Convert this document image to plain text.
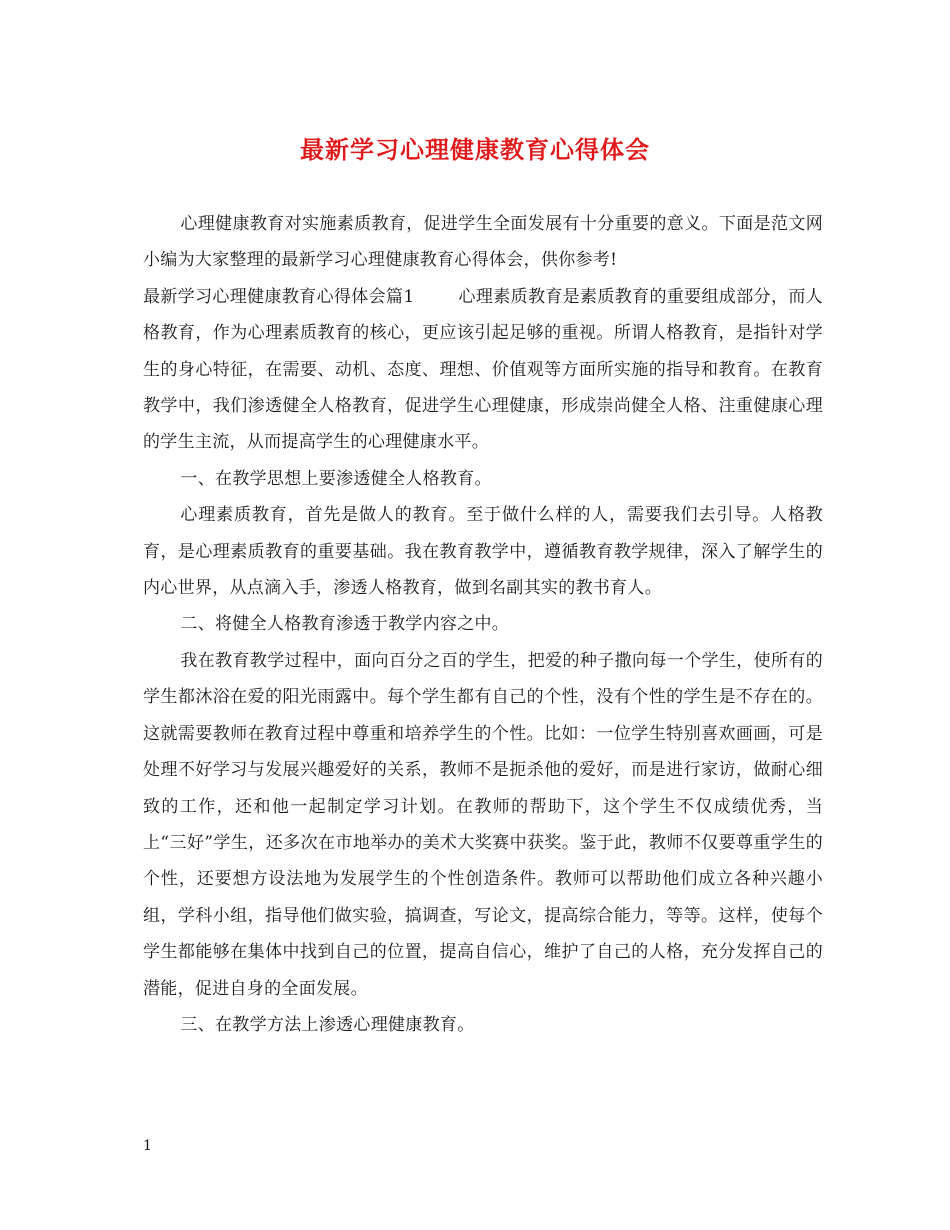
最新学习心理健康教育心得体会

心理健康教育对实施素质教育，促进学生全面发展有十分重要的意义。下面是范文网小编为大家整理的最新学习心理健康教育心得体会，供你参考!

最新学习心理健康教育心得体会篇1	心理素质教育是素质教育的重要组成部分，而人格教育，作为心理素质教育的核心，更应该引起足够的重视。所谓人格教育，是指针对学生的身心特征，在需要、动机、态度、理想、价值观等方面所实施的指导和教育。在教育教学中，我们渗透健全人格教育，促进学生心理健康，形成崇尚健全人格、注重健康心理的学生主流，从而提高学生的心理健康水平。

一、在教学思想上要渗透健全人格教育。

心理素质教育，首先是做人的教育。至于做什么样的人，需要我们去引导。人格教育，是心理素质教育的重要基础。我在教育教学中，遵循教育教学规律，深入了解学生的内心世界，从点滴入手，渗透人格教育，做到名副其实的教书育人。

二、将健全人格教育渗透于教学内容之中。

我在教育教学过程中，面向百分之百的学生，把爱的种子撒向每一个学生，使所有的学生都沐浴在爱的阳光雨露中。每个学生都有自己的个性，没有个性的学生是不存在的。这就需要教师在教育过程中尊重和培养学生的个性。比如：一位学生特别喜欢画画，可是处理不好学习与发展兴趣爱好的关系，教师不是扼杀他的爱好，而是进行家访，做耐心细致的工作，还和他一起制定学习计划。在教师的帮助下，这个学生不仅成绩优秀，当上“三好”学生，还多次在市地举办的美术大奖赛中获奖。鉴于此，教师不仅要尊重学生的个性，还要想方设法地为发展学生的个性创造条件。教师可以帮助他们成立各种兴趣小组，学科小组，指导他们做实验，搞调查，写论文，提高综合能力，等等。这样，使每个学生都能够在集体中找到自己的位置，提高自信心，维护了自己的人格，充分发挥自己的潜能，促进自身的全面发展。

三、在教学方法上渗透心理健康教育。

1
